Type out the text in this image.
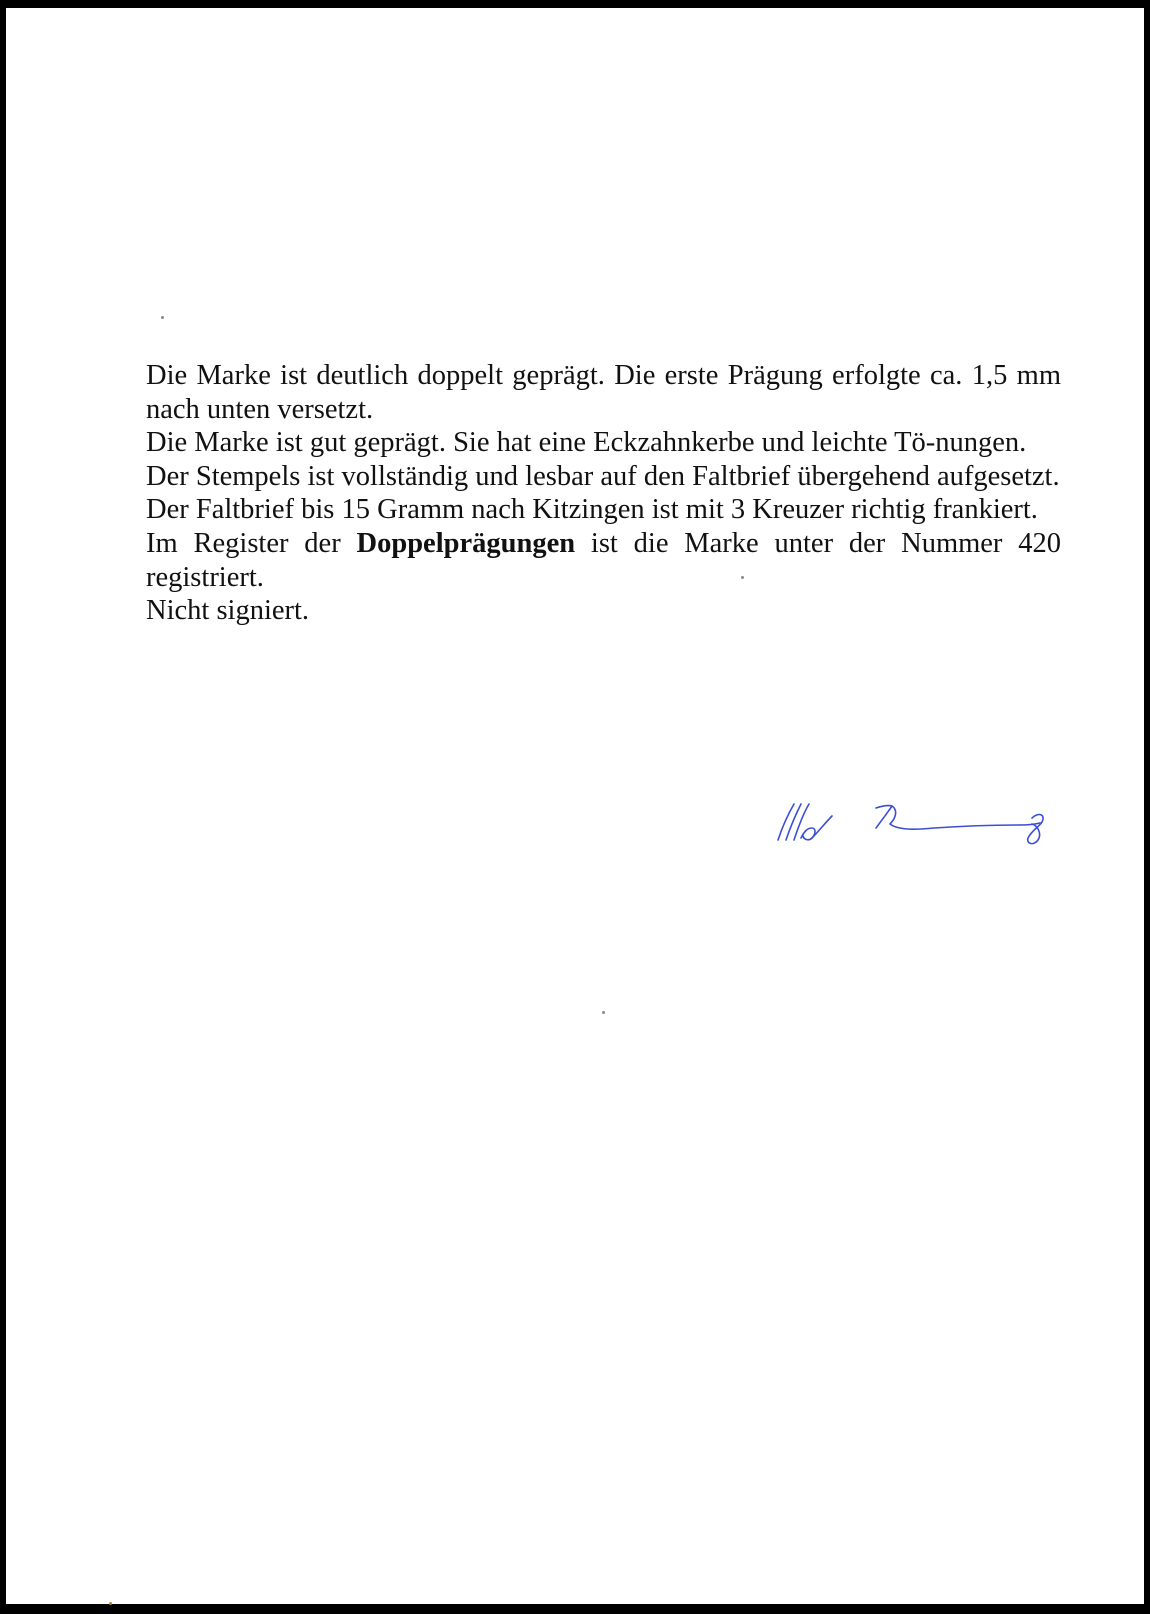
Die Marke ist deutlich doppelt geprägt. Die erste Prägung erfolgte ca. 1,5 mm nach unten versetzt.

Die Marke ist gut geprägt. Sie hat eine Eckzahnkerbe und leichte Tö-nungen.

Der Stempels ist vollständig und lesbar auf den Faltbrief übergehend aufgesetzt.

Der Faltbrief bis 15 Gramm nach Kitzingen ist mit 3 Kreuzer richtig frankiert.

Im Register der Doppelprägungen ist die Marke unter der Nummer 420 registriert.

Nicht signiert.
